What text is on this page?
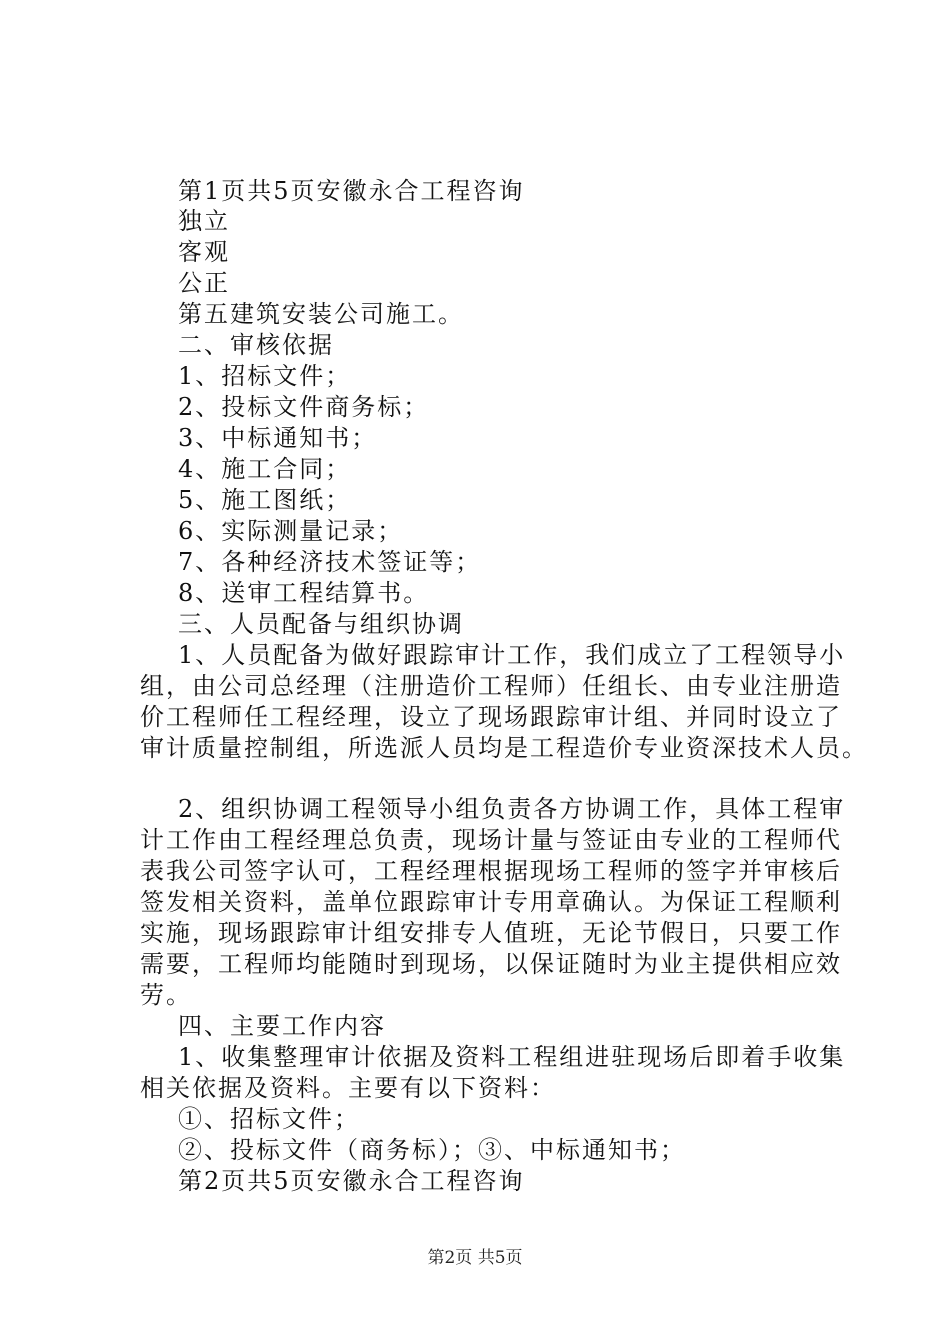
第1页共5页安徽永合工程咨询
独立
客观
公正
第五建筑安装公司施工。
二、审核依据
1、招标文件；
2、投标文件商务标；
3、中标通知书；
4、施工合同；
5、施工图纸；
6、实际测量记录；
7、各种经济技术签证等；
8、送审工程结算书。
三、人员配备与组织协调
1、人员配备为做好跟踪审计工作，我们成立了工程领导小
组，由公司总经理（注册造价工程师）任组长、由专业注册造
价工程师任工程经理，设立了现场跟踪审计组、并同时设立了
审计质量控制组，所选派人员均是工程造价专业资深技术人员。
2、组织协调工程领导小组负责各方协调工作，具体工程审
计工作由工程经理总负责，现场计量与签证由专业的工程师代
表我公司签字认可，工程经理根据现场工程师的签字并审核后
签发相关资料，盖单位跟踪审计专用章确认。为保证工程顺利
实施，现场跟踪审计组安排专人值班，无论节假日，只要工作
需要，工程师均能随时到现场，以保证随时为业主提供相应效
劳。
四、主要工作内容
1、收集整理审计依据及资料工程组进驻现场后即着手收集
相关依据及资料。主要有以下资料：
①、招标文件；
②、投标文件（商务标）；③、中标通知书；
第2页共5页安徽永合工程咨询
第2页 共5页
